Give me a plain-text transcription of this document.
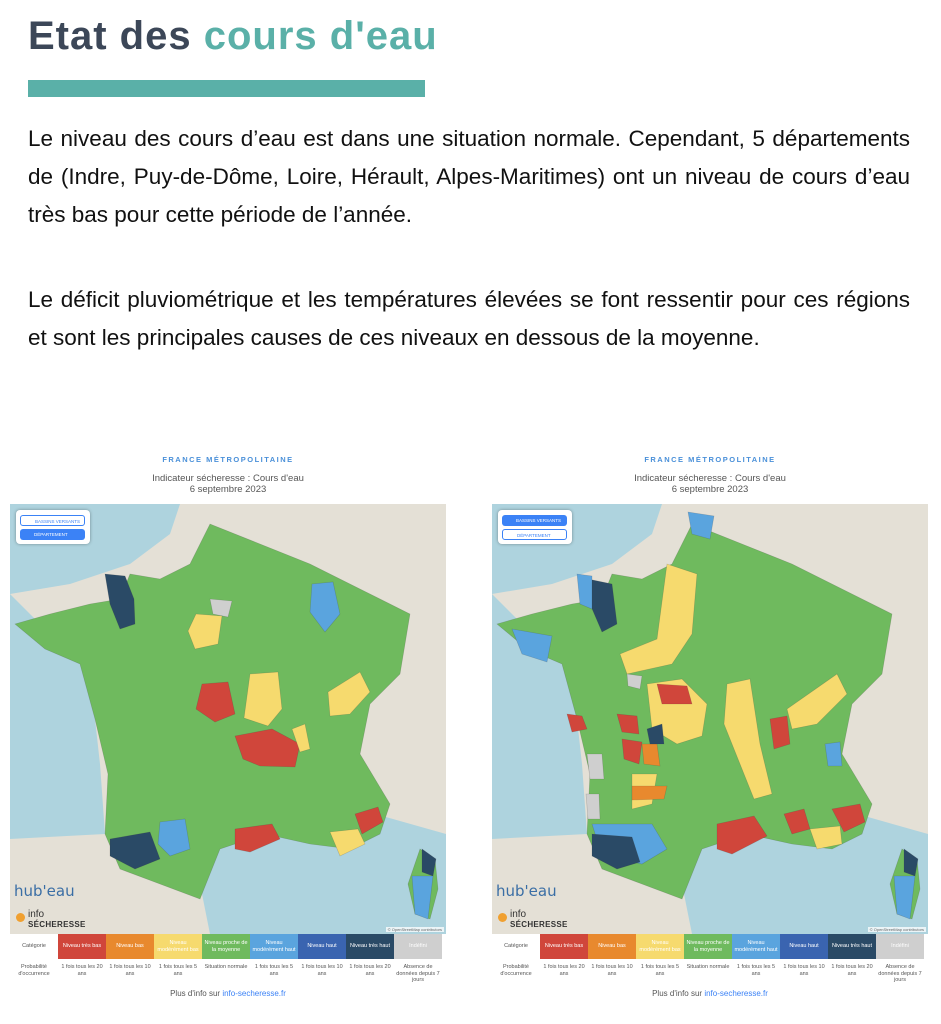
Etat des cours d'eau

Le niveau des cours d’eau est dans une situation normale. Cependant, 5 départements de (Indre, Puy-de-Dôme, Loire, Hérault, Alpes-Maritimes) ont un niveau de cours d’eau très bas pour cette période de l’année.

Le déficit pluviométrique et les températures élevées se font ressentir pour ces régions et sont les principales causes de ces niveaux en dessous de la moyenne.

FRANCE MÉTROPOLITAINE
Indicateur sécheresse : Cours d'eau
6 septembre 2023
BASSINS VERSANTS
DÉPARTEMENT
hub'eau
info
SÉCHERESSE
© OpenStreetMap contributors
Catégorie
Probabilité d'occurrence
Niveau très bas
1 fois tous les 20 ans
Niveau bas
1 fois tous les 10 ans
Niveau modérément bas
1 fois tous les 5 ans
Niveau proche de la moyenne
Situation normale
Niveau modérément haut
1 fois tous les 5 ans
Niveau haut
1 fois tous les 10 ans
Niveau très haut
1 fois tous les 20 ans
Indéfini
Absence de données depuis 7 jours
Plus d'info sur info-secheresse.fr
FRANCE MÉTROPOLITAINE
Indicateur sécheresse : Cours d'eau
6 septembre 2023
BASSINS VERSANTS
DÉPARTEMENT
hub'eau
info
SÉCHERESSE
© OpenStreetMap contributors
Catégorie
Probabilité d'occurrence
Niveau très bas
1 fois tous les 20 ans
Niveau bas
1 fois tous les 10 ans
Niveau modérément bas
1 fois tous les 5 ans
Niveau proche de la moyenne
Situation normale
Niveau modérément haut
1 fois tous les 5 ans
Niveau haut
1 fois tous les 10 ans
Niveau très haut
1 fois tous les 20 ans
Indéfini
Absence de données depuis 7 jours
Plus d'info sur info-secheresse.fr
